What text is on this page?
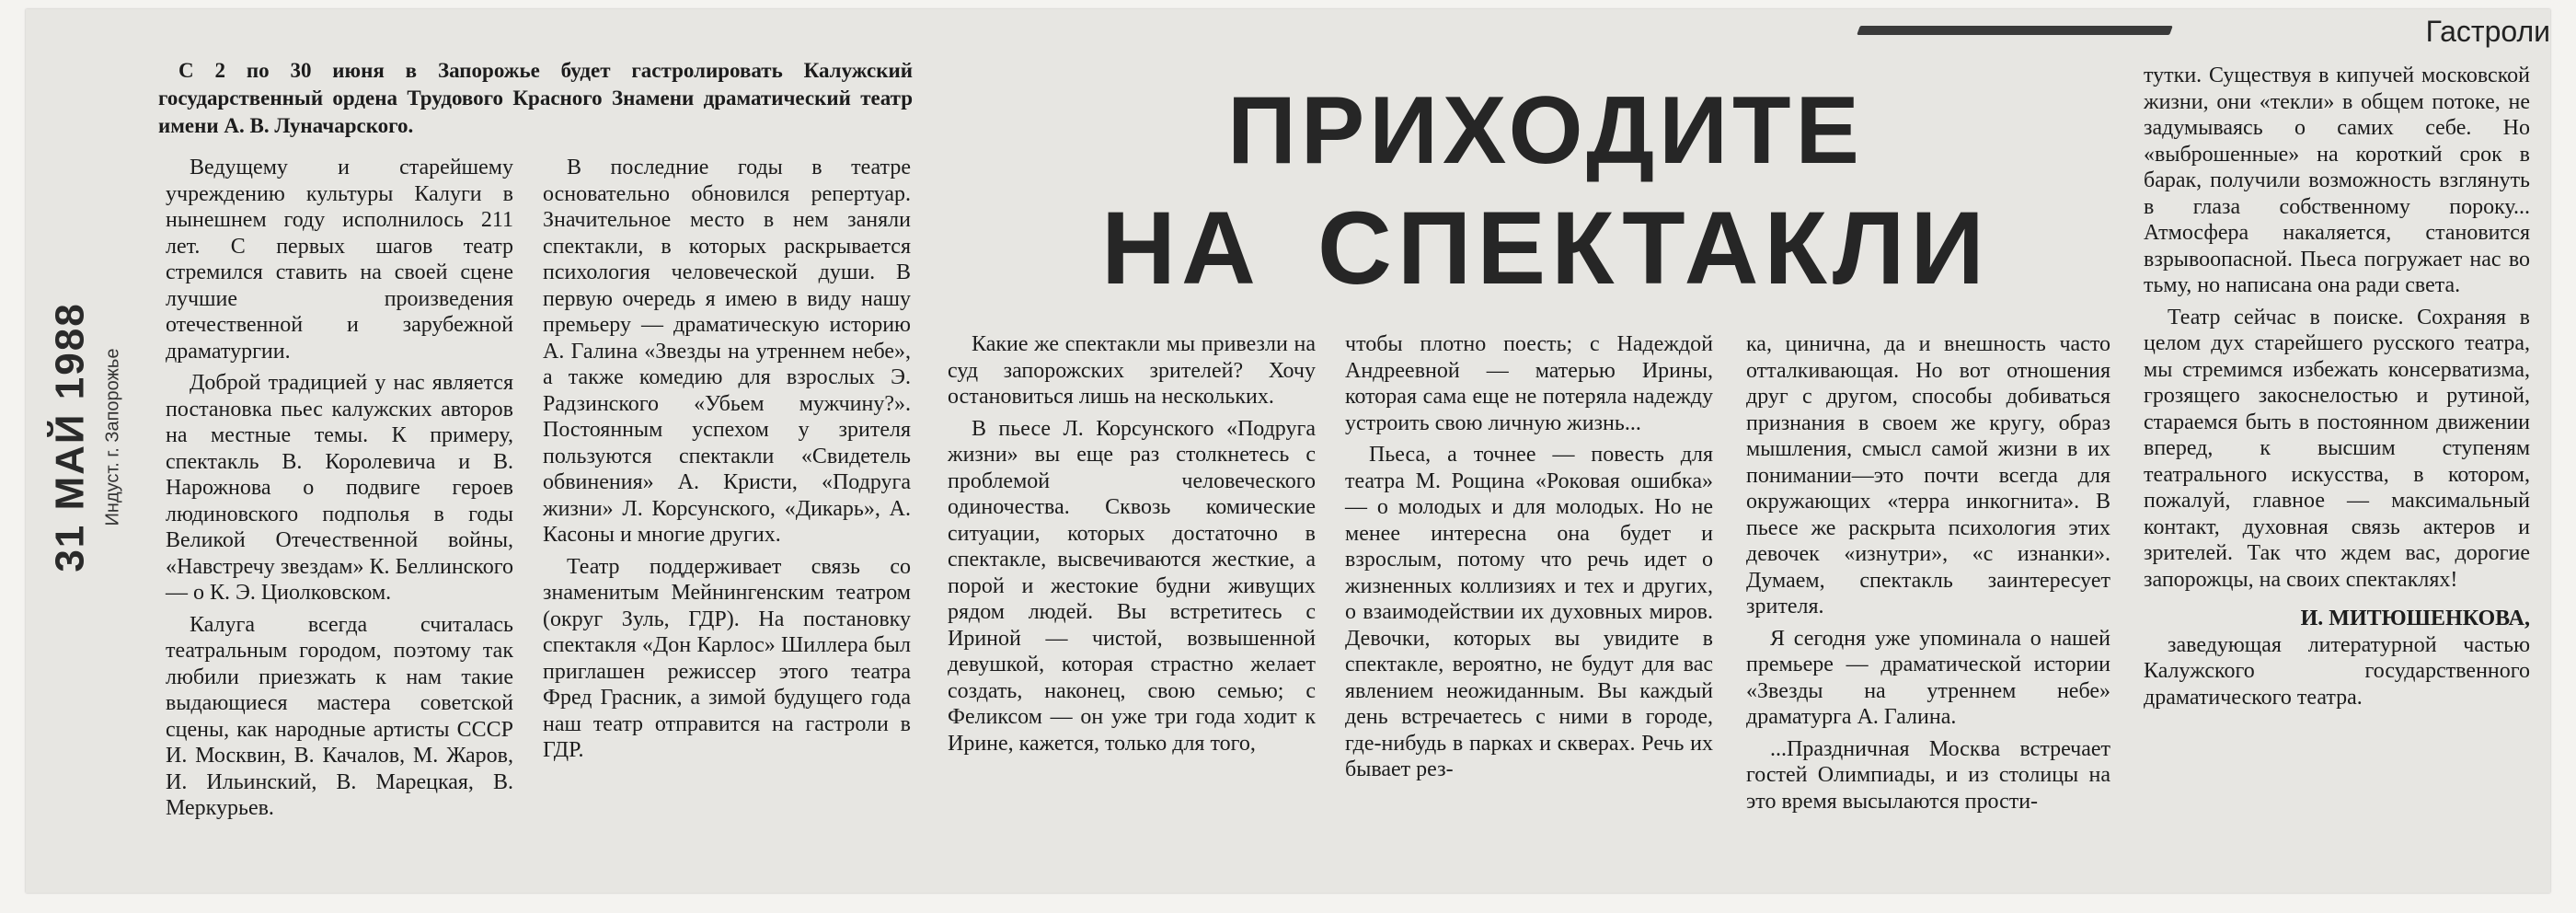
31 МАЙ 1988 Индуст. г. Запорожье
Гастроли
С 2 по 30 июня в Запорожье будет гастролировать Калужский государственный ордена Трудового Красного Знамени драматический театр имени А. В. Луначарского.	ПРИХОДИТЕ
НА СПЕКТАКЛИ

Ведущему и старейшему учреждению культуры Калуги в нынешнем году исполнилось 211 лет. С первых шагов театр стремился ставить на своей сцене лучшие произведения отечественной и зарубежной драматургии.

Доброй традицией у нас является постановка пьес калужских авторов на местные темы. К примеру, спектакль В. Королевича и В. Нарожнова о подвиге героев людиновского подполья в годы Великой Отечественной войны, «Навстречу звездам» К. Беллинского — о К. Э. Циолковском.

Калуга всегда считалась театральным городом, поэтому так любили приезжать к нам такие выдающиеся мастера советской сцены, как народные артисты СССР И. Москвин, В. Качалов, М. Жаров, И. Ильинский, В. Марецкая, В. Меркурьев.

В последние годы в театре основательно обновился репертуар. Значительное место в нем заняли спектакли, в которых раскрывается психология человеческой души. В первую очередь я имею в виду нашу премьеру — драматическую историю А. Галина «Звезды на утреннем небе», а также комедию для взрослых Э. Радзинского «Убьем мужчину?». Постоянным успехом у зрителя пользуются спектакли «Свидетель обвинения» А. Кристи, «Подруга жизни» Л. Корсунского, «Дикарь», А. Касоны и многие других.

Театр поддерживает связь со знаменитым Мейнингенским театром (округ Зуль, ГДР). На постановку спектакля «Дон Карлос» Шиллера был приглашен режиссер этого театра Фред Грасник, а зимой будущего года наш театр отправится на гастроли в ГДР.

Какие же спектакли мы привезли на суд запорожских зрителей? Хочу остановиться лишь на нескольких.

В пьесе Л. Корсунского «Подруга жизни» вы еще раз столкнетесь с проблемой человеческого одиночества. Сквозь комические ситуации, которых достаточно в спектакле, высвечиваются жесткие, а порой и жестокие будни живущих рядом людей. Вы встретитесь с Ириной — чистой, возвышенной девушкой, которая страстно желает создать, наконец, свою семью; с Феликсом — он уже три года ходит к Ирине, кажется, только для того,

чтобы плотно поесть; с Надеждой Андреевной — матерью Ирины, которая сама еще не потеряла надежду устроить свою личную жизнь...

Пьеса, а точнее — повесть для театра М. Рощина «Роковая ошибка» — о молодых и для молодых. Но не менее интересна она будет и взрослым, потому что речь идет о жизненных коллизиях и тех и других, о взаимодействии их духовных миров. Девочки, которых вы увидите в спектакле, вероятно, не будут для вас явлением неожиданным. Вы каждый день встречаетесь с ними в городе, где-нибудь в парках и скверах. Речь их бывает рез-

ка, цинична, да и внешность часто отталкивающая. Но вот отношения друг с другом, способы добиваться признания в своем же кругу, образ мышления, смысл самой жизни в их понимании—это почти всегда для окружающих «терра инкогнита». В пьесе же раскрыта психология этих девочек «изнутри», «с изнанки». Думаем, спектакль заинтересует зрителя.

Я сегодня уже упоминала о нашей премьере — драматической истории «Звезды на утреннем небе» драматурга А. Галина.

...Праздничная Москва встречает гостей Олимпиады, и из столицы на это время высылаются прости-

тутки. Существуя в кипучей московской жизни, они «текли» в общем потоке, не задумываясь о самих себе. Но «выброшенные» на короткий срок в барак, получили возможность взглянуть в глаза собственному пороку... Атмосфера накаляется, становится взрывоопасной. Пьеса погружает нас во тьму, но написана она ради света.

Театр сейчас в поиске. Сохраняя в целом дух старейшего русского театра, мы стремимся избежать консерватизма, грозящего закоснелостью и рутиной, стараемся быть в постоянном движении вперед, к высшим ступеням театрального искусства, в котором, пожалуй, главное — максимальный контакт, духовная связь актеров и зрителей. Так что ждем вас, дорогие запорожцы, на своих спектаклях!

И. МИТЮШЕНКОВА,

заведующая литературной частью Калужского государственного драматического театра.
